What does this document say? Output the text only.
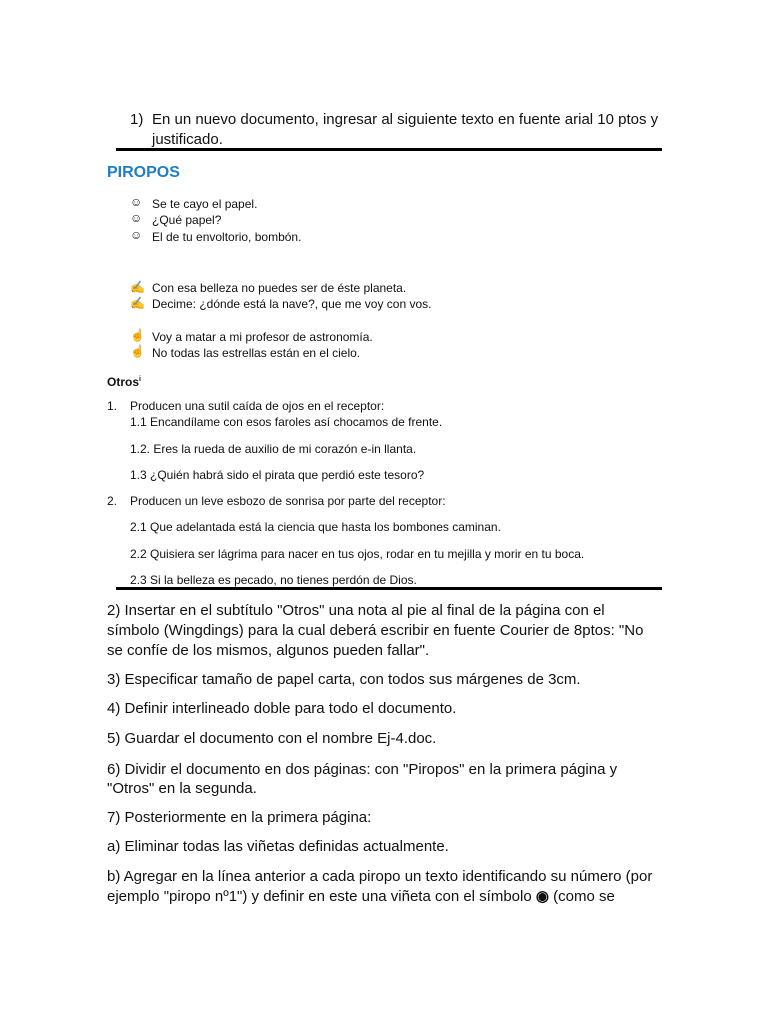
1) En un nuevo documento, ingresar al siguiente texto en fuente arial 10 ptos y
justificado.
PIROPOS
☺ Se te cayo el papel.
☺ ¿Qué papel?
☺ El de tu envoltorio, bombón.
✍ Con esa belleza no puedes ser de éste planeta.
✍ Decime: ¿dónde está la nave?, que me voy con vos.
☝ Voy a matar a mi profesor de astronomía.
☝ No todas las estrellas están en el cielo.
Otros$^i$
1. Producen una sutil caída de ojos en el receptor:
1.1 Encandílame con esos faroles así chocamos de frente.
1.2. Eres la rueda de auxilio de mi corazón e-in llanta.
1.3 ¿Quién habrá sido el pirata que perdió este tesoro?
2. Producen un leve esbozo de sonrisa por parte del receptor:
2.1 Que adelantada está la ciencia que hasta los bombones caminan.
2.2 Quisiera ser lágrima para nacer en tus ojos, rodar en tu mejilla y morir en tu boca.
2.3 Si la belleza es pecado, no tienes perdón de Dios.
2) Insertar en el subtítulo "Otros" una nota al pie al final de la página con el
símbolo (Wingdings) para la cual deberá escribir en fuente Courier de 8ptos: "No
se confíe de los mismos, algunos pueden fallar".
3) Especificar tamaño de papel carta, con todos sus márgenes de 3cm.
4) Definir interlineado doble para todo el documento.
5) Guardar el documento con el nombre Ej-4.doc.
6) Dividir el documento en dos páginas: con "Piropos" en la primera página y
"Otros" en la segunda.
7) Posteriormente en la primera página:
a) Eliminar todas las viñetas definidas actualmente.
b) Agregar en la línea anterior a cada piropo un texto identificando su número (por
ejemplo "piropo nº1") y definir en este una viñeta con el símbolo ◉ (como se
